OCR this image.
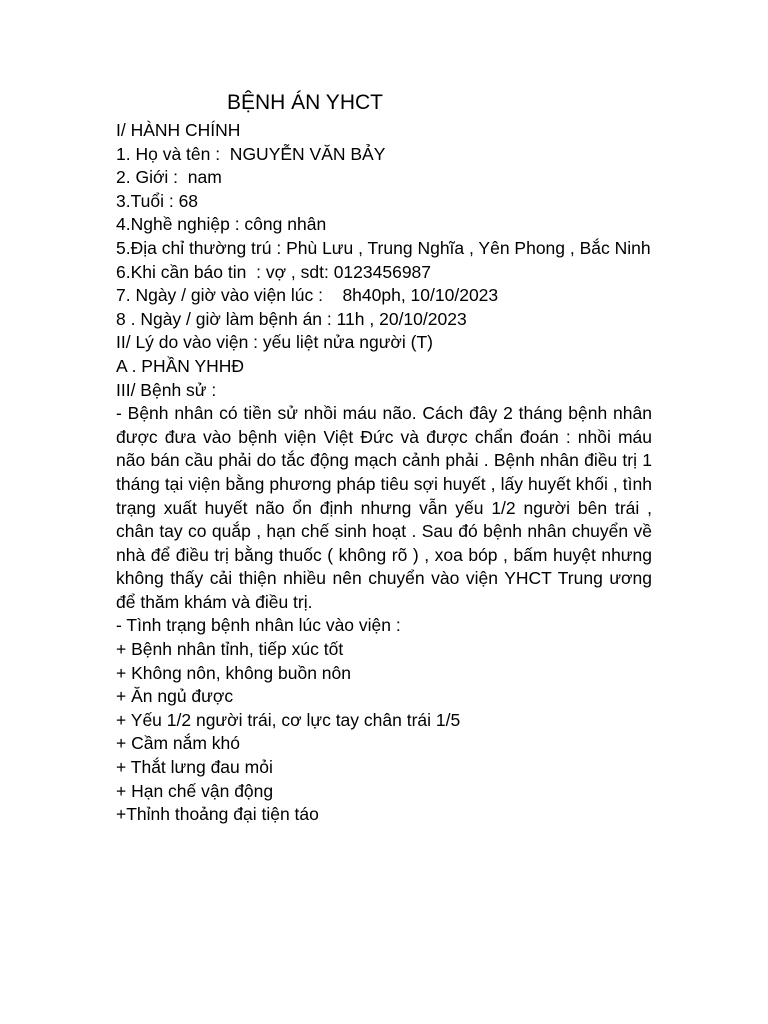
BỆNH ÁN YHCT
I/ HÀNH CHÍNH
1. Họ và tên :  NGUYỄN VĂN BẢY
2. Giới :  nam
3.Tuổi : 68
4.Nghề nghiệp : công nhân
5.Địa chỉ thường trú : Phù Lưu , Trung Nghĩa , Yên Phong , Bắc Ninh
6.Khi cần báo tin  : vợ , sdt: 0123456987
7. Ngày / giờ vào viện lúc :    8h40ph, 10/10/2023
8 . Ngày / giờ làm bệnh án : 11h , 20/10/2023
II/ Lý do vào viện : yếu liệt nửa người (T)
A . PHẦN YHHĐ
III/ Bệnh sử :
- Bệnh nhân có tiền sử nhồi máu não. Cách đây 2 tháng bệnh nhân được đưa vào bệnh viện Việt Đức và được chẩn đoán : nhồi máu não bán cầu phải do tắc động mạch cảnh phải . Bệnh nhân điều trị 1 tháng tại viện bằng phương pháp tiêu sợi huyết , lấy huyết khối , tình trạng xuất huyết não ổn định nhưng vẫn yếu 1/2 người bên trái , chân tay co quắp , hạn chế sinh hoạt . Sau đó bệnh nhân chuyển về nhà để điều trị bằng thuốc ( không rõ ) , xoa bóp , bấm huyệt nhưng không thấy cải thiện nhiều nên chuyển vào viện YHCT Trung ương để thăm khám và điều trị.
- Tình trạng bệnh nhân lúc vào viện :
+ Bệnh nhân tỉnh, tiếp xúc tốt
+ Không nôn, không buồn nôn
+ Ăn ngủ được
+ Yếu 1/2 người trái, cơ lực tay chân trái 1/5
+ Cầm nắm khó
+ Thắt lưng đau mỏi
+ Hạn chế vận động
+Thỉnh thoảng đại tiện táo
